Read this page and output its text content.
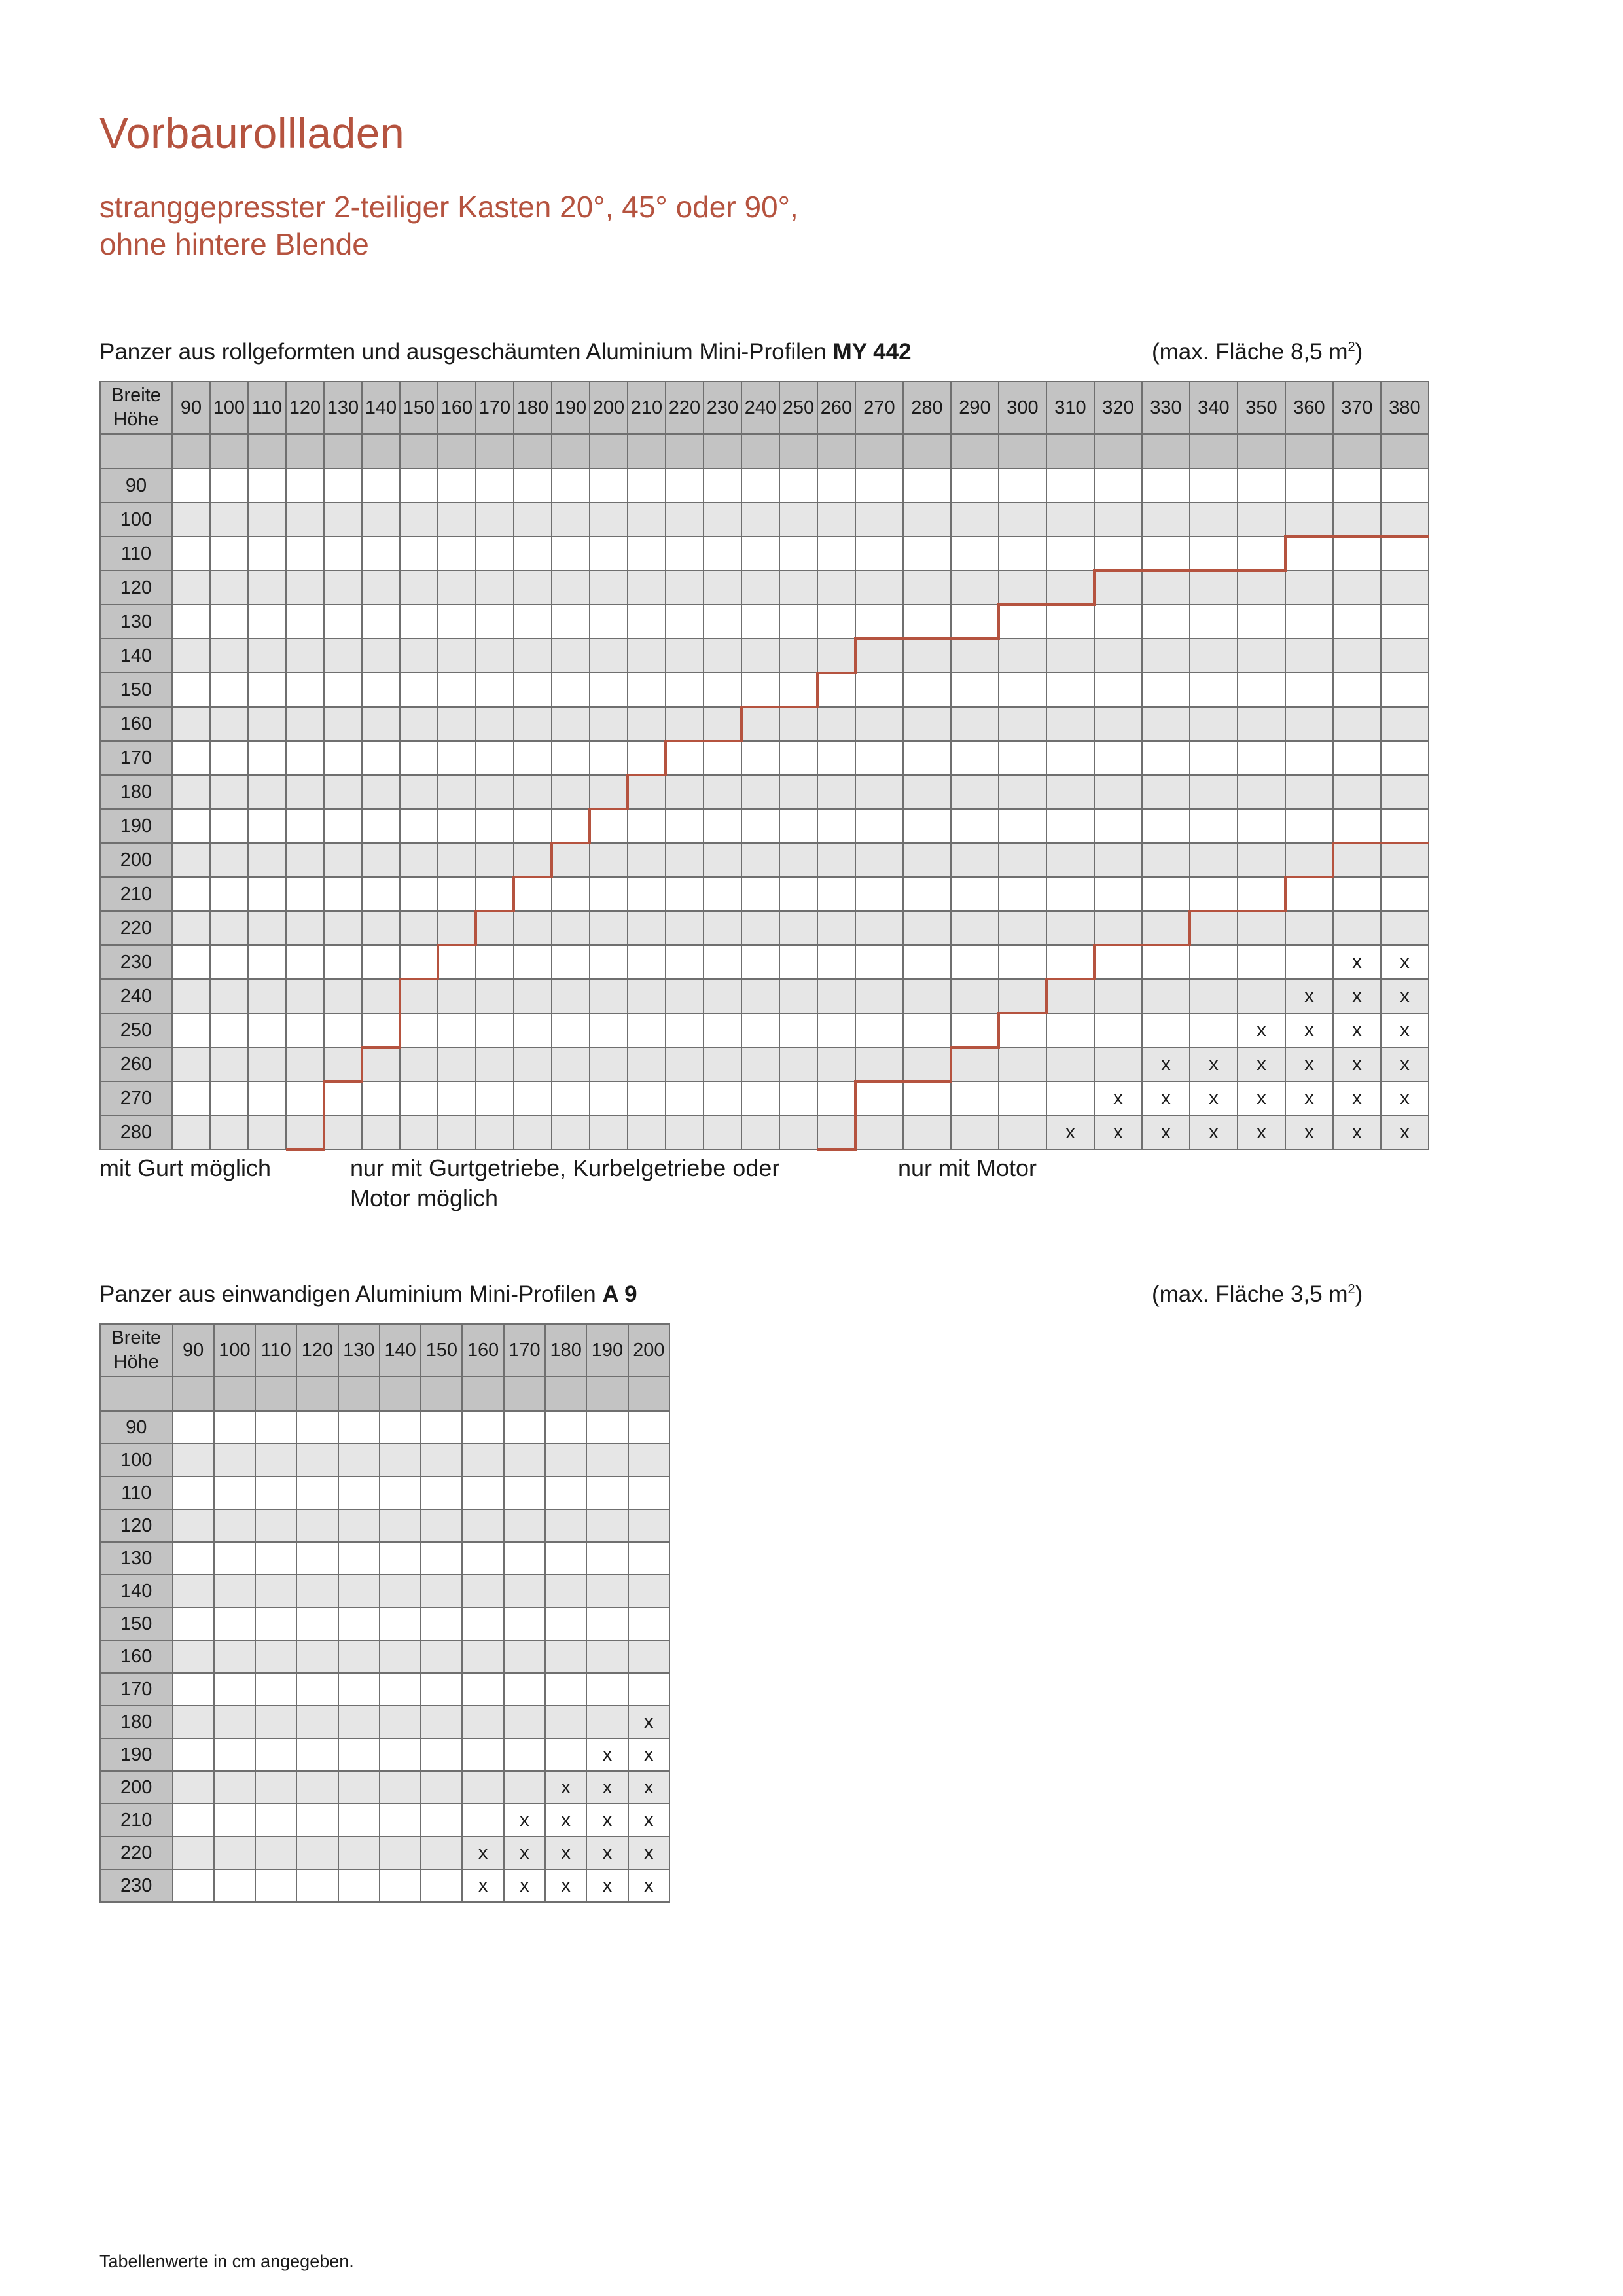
Vorbaurollladen
stranggepresster 2-teiliger Kasten 20°, 45° oder 90°,
ohne hintere Blende
Panzer aus rollgeformten und ausgeschäumten Aluminium Mini-Profilen MY 442	(max. Fläche 8,5 $m^2$)
Breite
Höhe	90	100	110	120	130	140	150	160	170	180	190	200	210	220	230	240	250	260	270	280	290	300	310	320	330	340	350	360	370	380

90																														
100																														
110																														
120																														
130																														
140																														
150																														
160																														
170																														
180																														
190																														
200																														
210																														
220																														
230																													x	x
240																												x	x	x
250																											x	x	x	x
260																									x	x	x	x	x	x
270																								x	x	x	x	x	x	x
280																							x	x	x	x	x	x	x	x
mit Gurt möglich	nur mit Gurtgetriebe, Kurbelgetriebe oder
Motor möglich
nur mit Motor
Panzer aus einwandigen Aluminium Mini-Profilen A 9	(max. Fläche 3,5 $m^2$)
Breite
Höhe	90	100	110	120	130	140	150	160	170	180	190	200

90												
100												
110												
120												
130												
140												
150												
160												
170												
180												x
190											x	x
200										x	x	x
210									x	x	x	x
220								x	x	x	x	x
230								x	x	x	x	x
Tabellenwerte in cm angegeben.
